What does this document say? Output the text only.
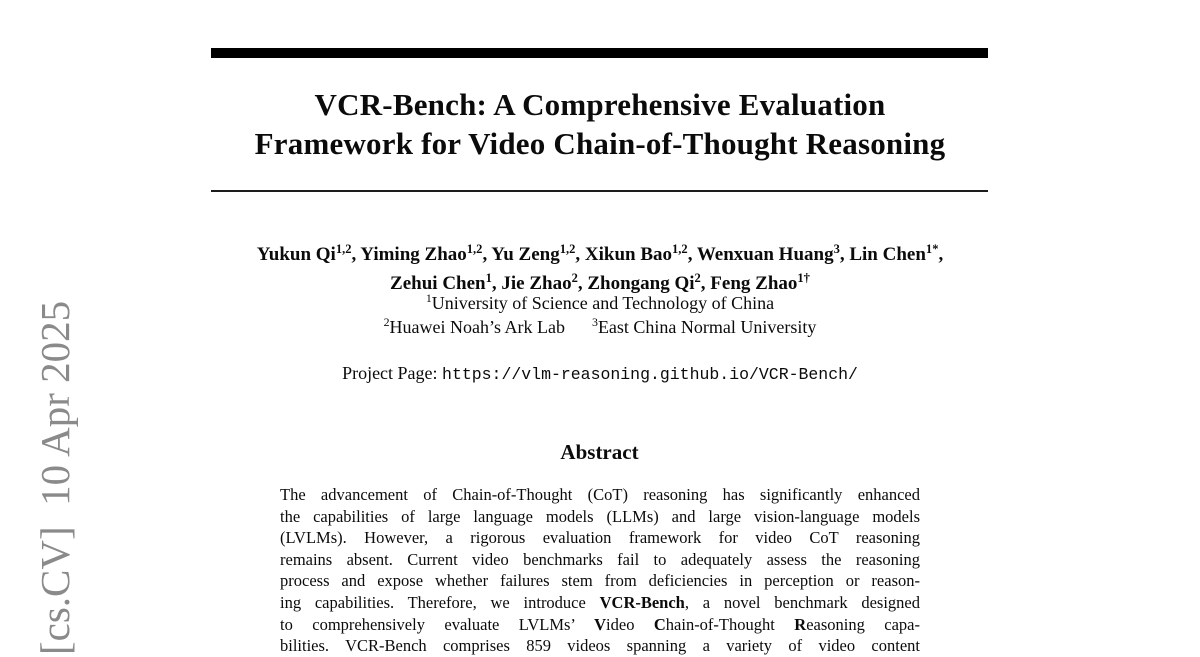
[cs.CV]  10 Apr 2025
VCR-Bench: A Comprehensive Evaluation
Framework for Video Chain-of-Thought Reasoning
Yukun Qi$^{1,2}$, Yiming Zhao$^{1,2}$, Yu Zeng$^{1,2}$, Xikun Bao$^{1,2}$, Wenxuan Huang$^3$, Lin Chen$^{1*}$,
Zehui Chen$^1$, Jie Zhao$^2$, Zhongang Qi$^2$, Feng Zhao$^{1\dagger}$
$^1$University of Science and Technology of China
$^2$Huawei Noah’s Ark Lab $^3$East China Normal University
Project Page: https://vlm-reasoning.github.io/VCR-Bench/
Abstract
The advancement of Chain-of-Thought (CoT) reasoning has significantly enhanced
the capabilities of large language models (LLMs) and large vision-language models
(LVLMs). However, a rigorous evaluation framework for video CoT reasoning
remains absent. Current video benchmarks fail to adequately assess the reasoning
process and expose whether failures stem from deficiencies in perception or reason-
ing capabilities. Therefore, we introduce VCR-Bench, a novel benchmark designed
to comprehensively evaluate LVLMs’ Video Chain-of-Thought Reasoning capa-
bilities. VCR-Bench comprises 859 videos spanning a variety of video content
